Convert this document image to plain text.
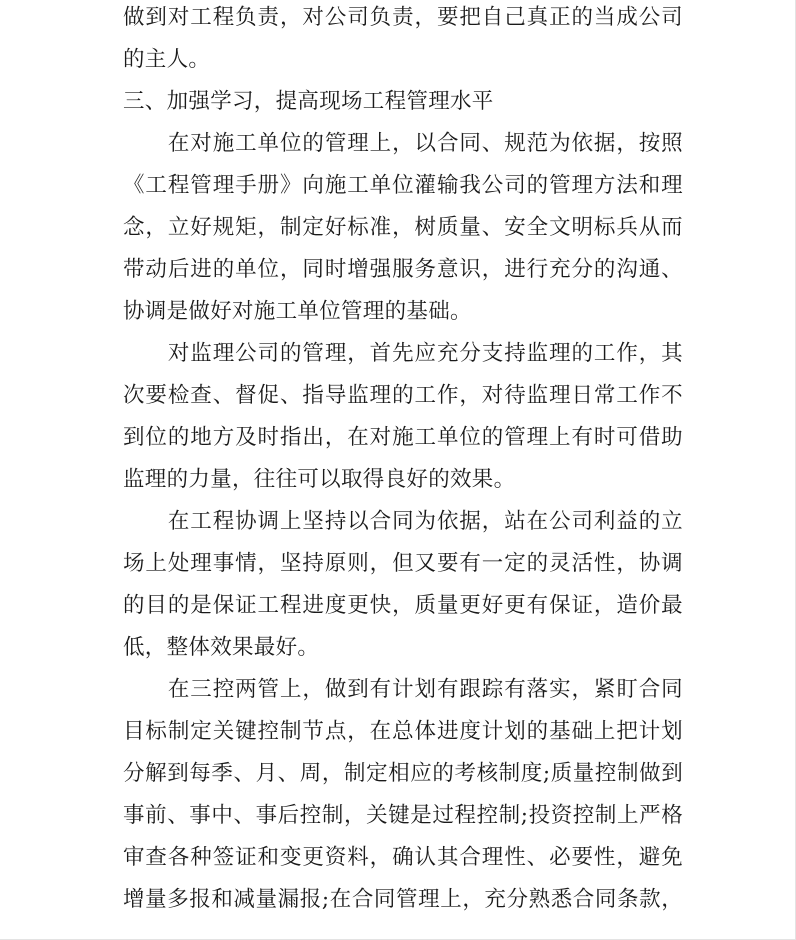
做到对工程负责，对公司负责，要把自己真正的当成公司
的主人。
三、加强学习，提高现场工程管理水平
　　在对施工单位的管理上，以合同、规范为依据，按照
《工程管理手册》向施工单位灌输我公司的管理方法和理
念，立好规矩，制定好标准，树质量、安全文明标兵从而
带动后进的单位，同时增强服务意识，进行充分的沟通、
协调是做好对施工单位管理的基础。
　　对监理公司的管理，首先应充分支持监理的工作，其
次要检查、督促、指导监理的工作，对待监理日常工作不
到位的地方及时指出，在对施工单位的管理上有时可借助
监理的力量，往往可以取得良好的效果。
　　在工程协调上坚持以合同为依据，站在公司利益的立
场上处理事情，坚持原则，但又要有一定的灵活性，协调
的目的是保证工程进度更快，质量更好更有保证，造价最
低，整体效果最好。
　　在三控两管上，做到有计划有跟踪有落实，紧盯合同
目标制定关键控制节点，在总体进度计划的基础上把计划
分解到每季、月、周，制定相应的考核制度;质量控制做到
事前、事中、事后控制，关键是过程控制;投资控制上严格
审查各种签证和变更资料，确认其合理性、必要性，避免
增量多报和减量漏报;在合同管理上，充分熟悉合同条款，
